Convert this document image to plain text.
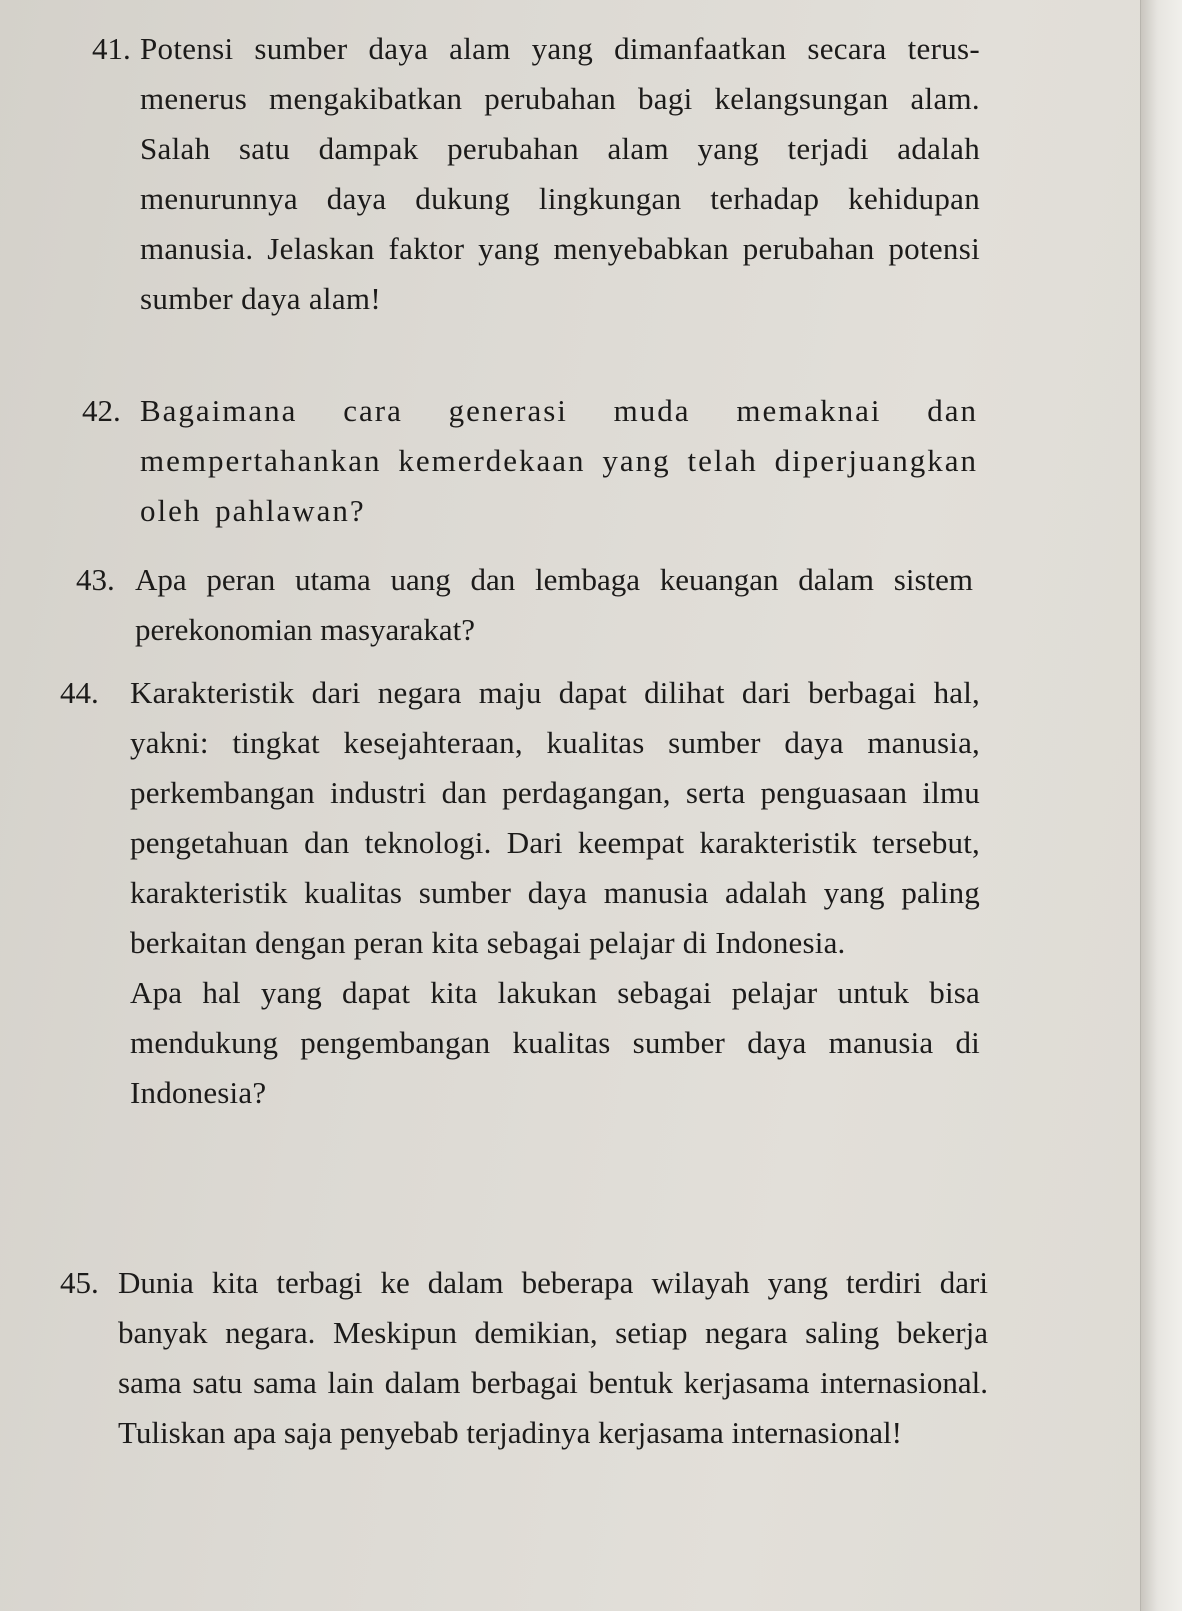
41. Potensi sumber daya alam yang dimanfaatkan secara terus-menerus mengakibatkan perubahan bagi kelangsungan alam. Salah satu dampak perubahan alam yang terjadi adalah menurunnya daya dukung lingkungan terhadap kehidupan manusia. Jelaskan faktor yang menyebabkan perubahan potensi sumber daya alam!

42. Bagaimana cara generasi muda memaknai dan mempertahankan kemerdekaan yang telah diperjuangkan oleh pahlawan?

43. Apa peran utama uang dan lembaga keuangan dalam sistem perekonomian masyarakat?

44. Karakteristik dari negara maju dapat dilihat dari berbagai hal, yakni: tingkat kesejahteraan, kualitas sumber daya manusia, perkembangan industri dan perdagangan, serta penguasaan ilmu pengetahuan dan teknologi. Dari keempat karakteristik tersebut, karakteristik kualitas sumber daya manusia adalah yang paling berkaitan dengan peran kita sebagai pelajar di Indonesia.

Apa hal yang dapat kita lakukan sebagai pelajar untuk bisa mendukung pengembangan kualitas sumber daya manusia di Indonesia?

45. Dunia kita terbagi ke dalam beberapa wilayah yang terdiri dari banyak negara. Meskipun demikian, setiap negara saling bekerja sama satu sama lain dalam berbagai bentuk kerjasama internasional. Tuliskan apa saja penyebab terjadinya kerjasama internasional!
